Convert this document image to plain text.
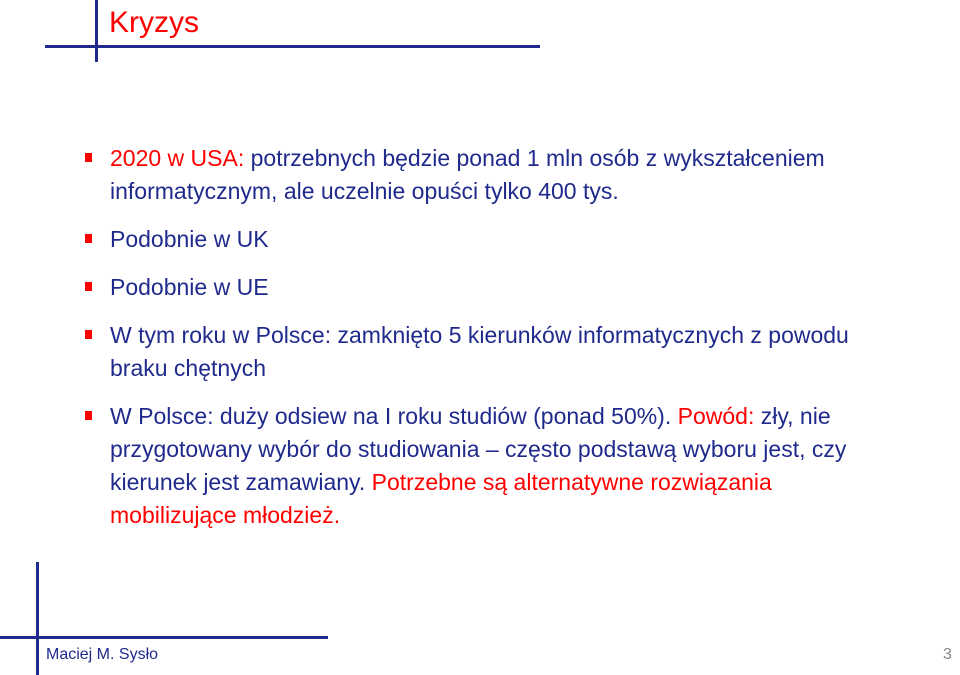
Kryzys
2020 w USA: potrzebnych będzie ponad 1 mln osób z wykształceniem informatycznym, ale uczelnie opuści tylko 400 tys.
Podobnie w UK
Podobnie w UE
W tym roku w Polsce: zamknięto 5 kierunków informatycznych z powodu braku chętnych
W Polsce: duży odsiew na I roku studiów (ponad 50%). Powód: zły, nie przygotowany wybór do studiowania – często podstawą wyboru jest, czy kierunek jest zamawiany. Potrzebne są alternatywne rozwiązania mobilizujące młodzież.
Maciej M. Sysło	3
